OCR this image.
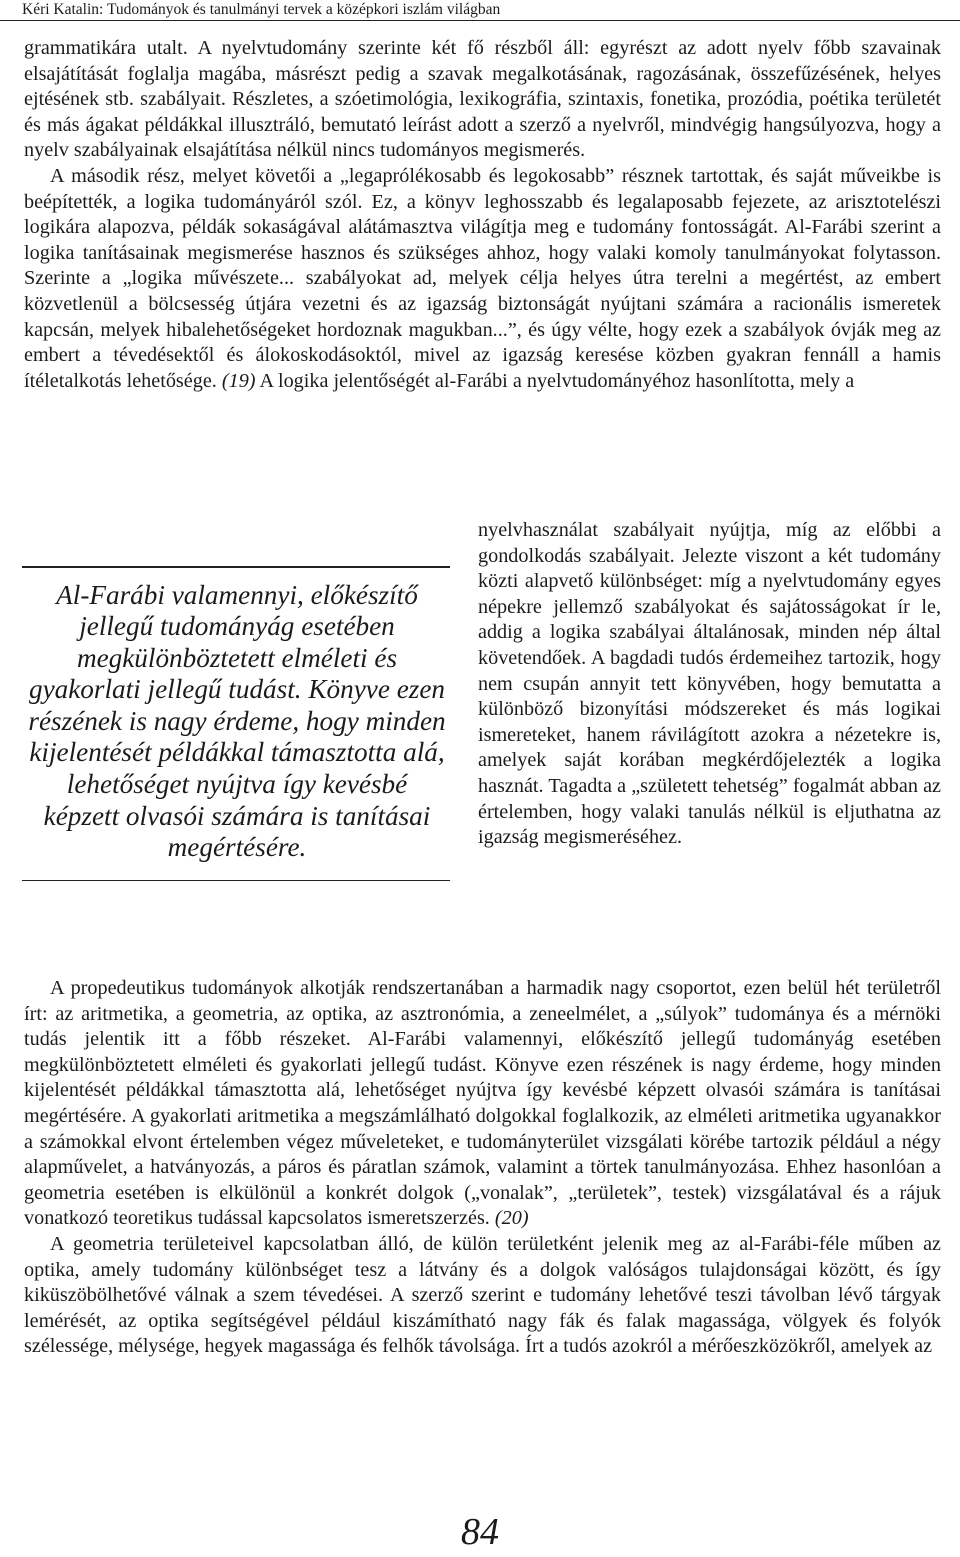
Kéri Katalin: Tudományok és tanulmányi tervek a középkori iszlám világban

grammatikára utalt. A nyelvtudomány szerinte két fő részből áll: egyrészt az adott nyelv főbb szavainak elsajátítását foglalja magába, másrészt pedig a szavak megalkotásának, ragozásának, összefűzésének, helyes ejtésének stb. szabályait. Részletes, a szóetimológia, lexikográfia, szintaxis, fonetika, prozódia, poétika területét és más ágakat példákkal illusztráló, bemutató leírást adott a szerző a nyelvről, mindvégig hangsúlyozva, hogy a nyelv szabályainak elsajátítása nélkül nincs tudományos megismerés.

A második rész, melyet követői a „legaprólékosabb és legokosabb” résznek tartottak, és saját műveikbe is beépítették, a logika tudományáról szól. Ez, a könyv leghosszabb és legalaposabb fejezete, az arisztotelészi logikára alapozva, példák sokaságával alátámasztva világítja meg e tudomány fontosságát. Al-Farábi szerint a logika tanításainak megismerése hasznos és szükséges ahhoz, hogy valaki komoly tanulmányokat folytasson. Szerinte a „logika művészete... szabályokat ad, melyek célja helyes útra terelni a megértést, az embert közvetlenül a bölcsesség útjára vezetni és az igazság biztonságát nyújtani számára a racionális ismeretek kapcsán, melyek hibalehetőségeket hordoznak magukban...”, és úgy vélte, hogy ezek a szabályok óvják meg az embert a tévedésektől és álokoskodásoktól, mivel az igazság keresése közben gyakran fennáll a hamis ítéletalkotás lehetősége. (19) A logika jelentőségét al-Farábi a nyelvtudományéhoz hasonlította, mely a

Al-Farábi valamennyi, előkészítő jellegű tudományág esetében megkülönböztetett elméleti és gyakorlati jellegű tudást. Könyve ezen részének is nagy érdeme, hogy minden kijelentését példákkal támasztotta alá, lehetőséget nyújtva így kevésbé képzett olvasói számára is tanításai megértésére.

nyelvhasználat szabályait nyújtja, míg az előbbi a gondolkodás szabályait. Jelezte viszont a két tudomány közti alapvető különbséget: míg a nyelvtudomány egyes népekre jellemző szabályokat és sajátosságokat ír le, addig a logika szabályai általánosak, minden nép által követendőek. A bagdadi tudós érdemeihez tartozik, hogy nem csupán annyit tett könyvében, hogy bemutatta a különböző bizonyítási módszereket és más logikai ismereteket, hanem rávilágított azokra a nézetekre is, amelyek saját korában megkérdőjelezték a logika hasznát. Tagadta a „született tehetség” fogalmát abban az értelemben, hogy valaki tanulás nélkül is eljuthatna az igazság megismeréséhez.

A propedeutikus tudományok alkotják rendszertanában a harmadik nagy csoportot, ezen belül hét területről írt: az aritmetika, a geometria, az optika, az asztronómia, a zeneelmélet, a „súlyok” tudománya és a mérnöki tudás jelentik itt a főbb részeket. Al-Farábi valamennyi, előkészítő jellegű tudományág esetében megkülönböztetett elméleti és gyakorlati jellegű tudást. Könyve ezen részének is nagy érdeme, hogy minden kijelentését példákkal támasztotta alá, lehetőséget nyújtva így kevésbé képzett olvasói számára is tanításai megértésére. A gyakorlati aritmetika a megszámlálható dolgokkal foglalkozik, az elméleti aritmetika ugyanakkor a számokkal elvont értelemben végez műveleteket, e tudományterület vizsgálati körébe tartozik például a négy alapművelet, a hatványozás, a páros és páratlan számok, valamint a törtek tanulmányozása. Ehhez hasonlóan a geometria esetében is elkülönül a konkrét dolgok („vonalak”, „területek”, testek) vizsgálatával és a rájuk vonatkozó teoretikus tudással kapcsolatos ismeretszerzés. (20)

A geometria területeivel kapcsolatban álló, de külön területként jelenik meg az al-Farábi-féle műben az optika, amely tudomány különbséget tesz a látvány és a dolgok valóságos tulajdonságai között, és így kiküszöbölhetővé válnak a szem tévedései. A szerző szerint e tudomány lehetővé teszi távolban lévő tárgyak lemérését, az optika segítségével például kiszámítható nagy fák és falak magassága, völgyek és folyók szélessége, mélysége, hegyek magassága és felhők távolsága. Írt a tudós azokról a mérőeszközökről, amelyek az

84
